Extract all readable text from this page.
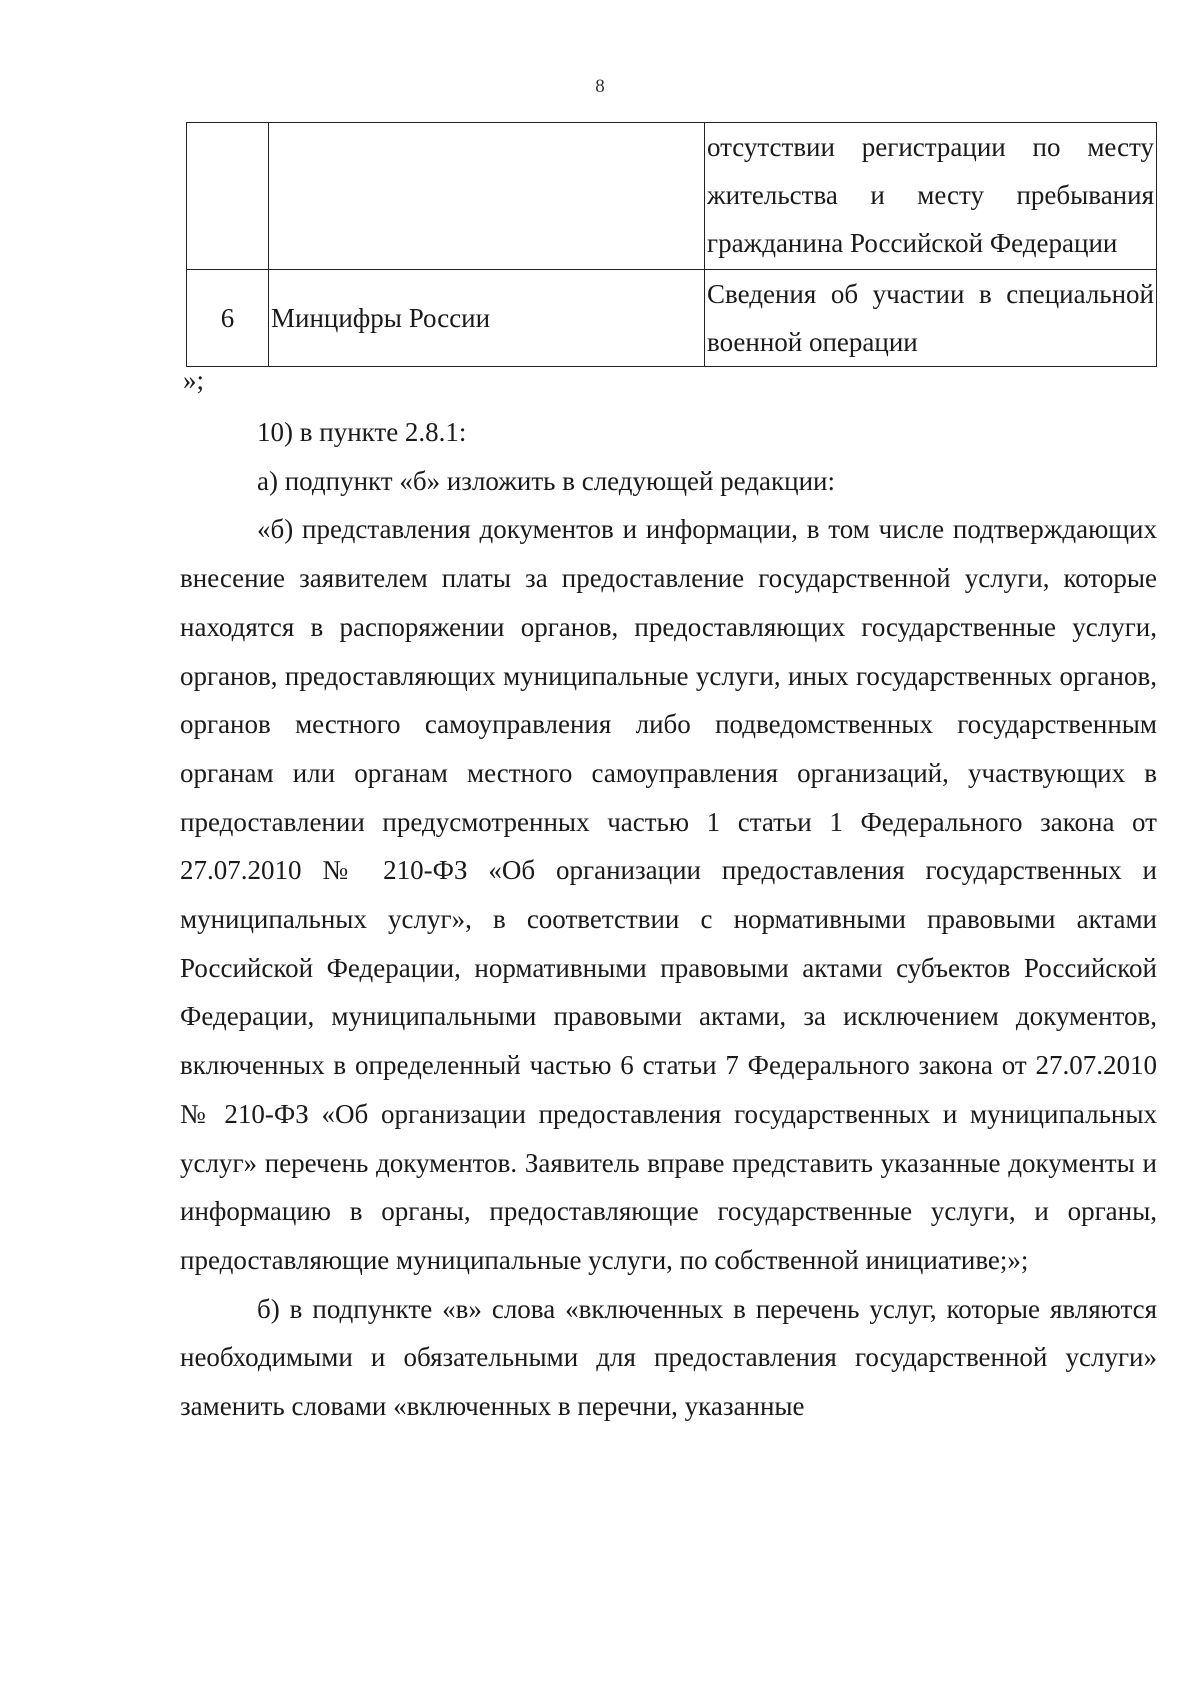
8
		отсутствии регистрации по месту жительства и месту пребывания гражданина Российской Федерации
6	Минцифры России	Сведения об участии в специальной военной операции
»;

10) в пункте 2.8.1:

а) подпункт «б» изложить в следующей редакции:

«б) представления документов и информации, в том числе подтверждающих внесение заявителем платы за предоставление государственной услуги, которые находятся в распоряжении органов, предоставляющих государственные услуги, органов, предоставляющих муниципальные услуги, иных государственных органов, органов местного самоуправления либо подведомственных государственным органам или органам местного самоуправления организаций, участвующих в предоставлении предусмотренных частью 1 статьи 1 Федерального закона от 27.07.2010 № 210-ФЗ «Об организации предоставления государственных и муниципальных услуг», в соответствии с нормативными правовыми актами Российской Федерации, нормативными правовыми актами субъектов Российской Федерации, муниципальными правовыми актами, за исключением документов, включенных в определенный частью 6 статьи 7 Федерального закона от 27.07.2010 № 210-ФЗ «Об организации предоставления государственных и муниципальных услуг» перечень документов. Заявитель вправе представить указанные документы и информацию в органы, предоставляющие государственные услуги, и органы, предоставляющие муниципальные услуги, по собственной инициативе;»;

б) в подпункте «в» слова «включенных в перечень услуг, которые являются необходимыми и обязательными для предоставления государственной услуги» заменить словами «включенных в перечни, указанные
